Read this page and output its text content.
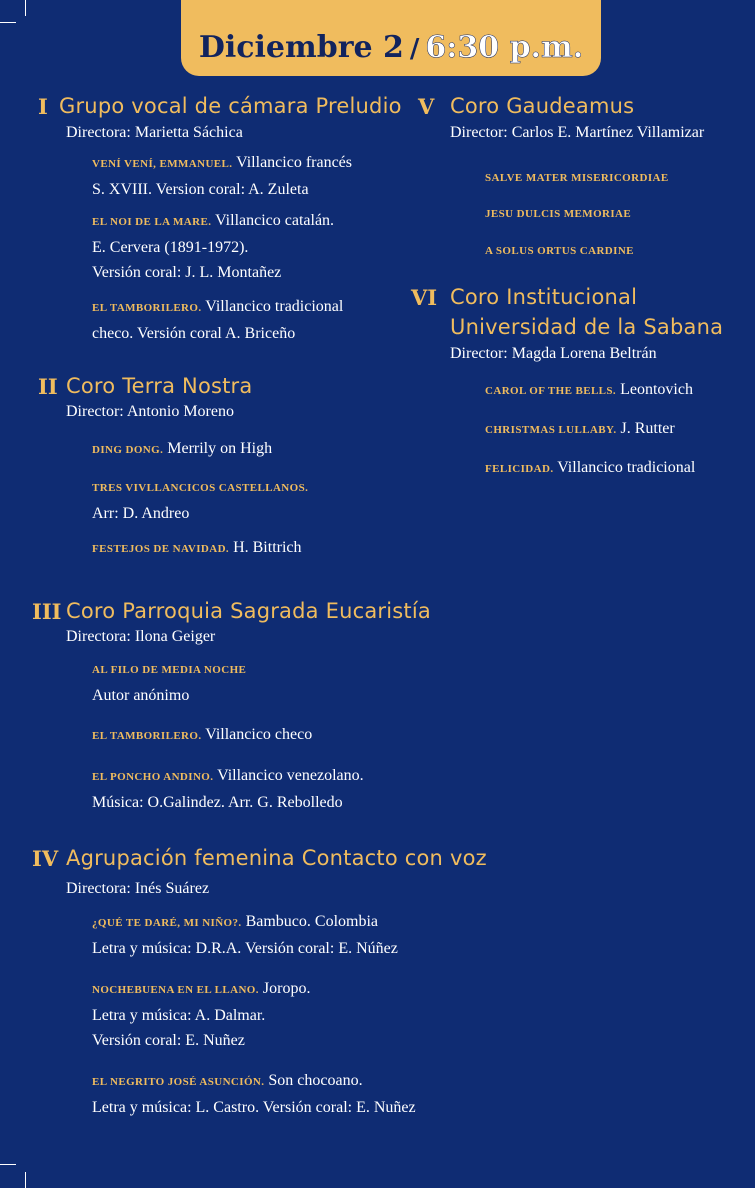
Diciembre 2 / 6:30 p.m.
I Grupo vocal de cámara Preludio
Directora: Marietta Sáchica
VENÍ VENÍ, EMMANUEL. Villancico francés
S. XVIII. Version coral: A. Zuleta
EL NOI DE LA MARE. Villancico catalán.
E. Cervera (1891-1972).
Versión coral: J. L. Montañez
EL TAMBORILERO. Villancico tradicional
checo. Versión coral A. Briceño
II Coro Terra Nostra
Director: Antonio Moreno
DING DONG. Merrily on High
TRES VIVLLANCICOS CASTELLANOS.
Arr: D. Andreo
FESTEJOS DE NAVIDAD. H. Bittrich
III Coro Parroquia Sagrada Eucaristía
Directora: Ilona Geiger
AL FILO DE MEDIA NOCHE
Autor anónimo
EL TAMBORILERO. Villancico checo
EL PONCHO ANDINO. Villancico venezolano.
Música: O.Galindez. Arr. G. Rebolledo
IV Agrupación femenina Contacto con voz
Directora: Inés Suárez
¿QUÉ TE DARÉ, MI NIÑO?. Bambuco. Colombia
Letra y música: D.R.A. Versión coral: E. Núñez
NOCHEBUENA EN EL LLANO. Joropo.
Letra y música: A. Dalmar.
Versión coral: E. Nuñez
EL NEGRITO JOSÉ ASUNCIÓN. Son chocoano.
Letra y música: L. Castro. Versión coral: E. Nuñez
V Coro Gaudeamus
Director: Carlos E. Martínez Villamizar
SALVE MATER MISERICORDIAE
JESU DULCIS MEMORIAE
A SOLUS ORTUS CARDINE
VI Coro Institucional
Universidad de la Sabana
Director: Magda Lorena Beltrán
CAROL OF THE BELLS. Leontovich
CHRISTMAS LULLABY. J. Rutter
FELICIDAD. Villancico tradicional
